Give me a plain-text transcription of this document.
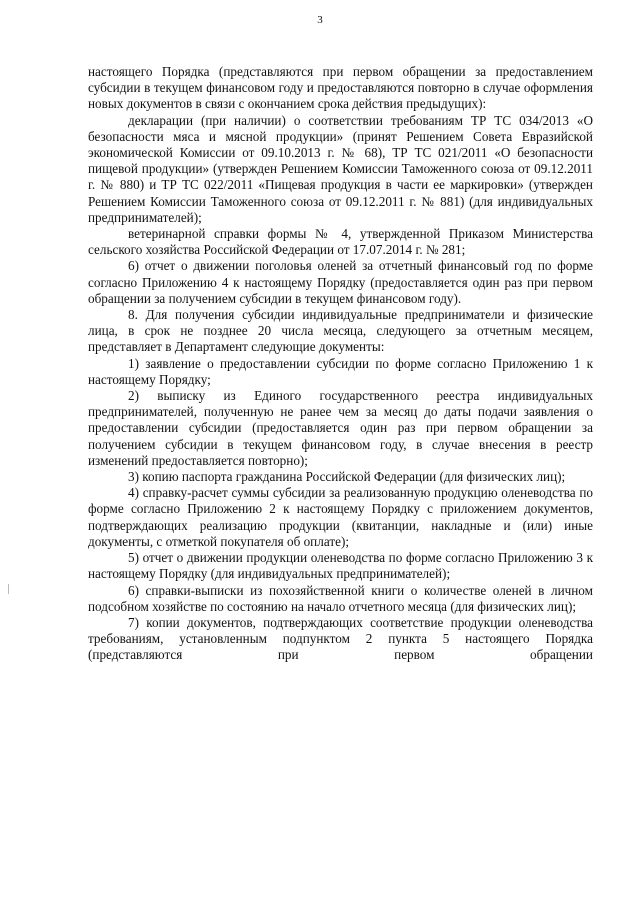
3

настоящего Порядка (представляются при первом обращении за предоставлением субсидии в текущем финансовом году и предоставляются повторно в случае оформления новых документов в связи с окончанием срока действия предыдущих):

декларации (при наличии) о соответствии требованиям ТР ТС 034/2013 «О безопасности мяса и мясной продукции» (принят Решением Совета Евразийской экономической Комиссии от 09.10.2013 г. № 68), ТР ТС 021/2011 «О безопасности пищевой продукции» (утвержден Решением Комиссии Таможенного союза от 09.12.2011 г. № 880) и ТР ТС 022/2011 «Пищевая продукция в части ее маркировки» (утвержден Решением Комиссии Таможенного союза от 09.12.2011 г. № 881) (для индивидуальных предпринимателей);

ветеринарной справки формы № 4, утвержденной Приказом Министерства сельского хозяйства Российской Федерации от 17.07.2014 г. № 281;

6) отчет о движении поголовья оленей за отчетный финансовый год по форме согласно Приложению 4 к настоящему Порядку (предоставляется один раз при первом обращении за получением субсидии в текущем финансовом году).

8. Для получения субсидии индивидуальные предприниматели и физические лица, в срок не позднее 20 числа месяца, следующего за отчетным месяцем, представляет в Департамент следующие документы:

1) заявление о предоставлении субсидии по форме согласно Приложению 1 к настоящему Порядку;

2) выписку из Единого государственного реестра индивидуальных предпринимателей, полученную не ранее чем за месяц до даты подачи заявления о предоставлении субсидии (предоставляется один раз при первом обращении за получением субсидии в текущем финансовом году, в случае внесения в реестр изменений предоставляется повторно);

3) копию паспорта гражданина Российской Федерации (для физических лиц);

4) справку-расчет суммы субсидии за реализованную продукцию оленеводства по форме согласно Приложению 2 к настоящему Порядку с приложением документов, подтверждающих реализацию продукции (квитанции, накладные и (или) иные документы, с отметкой покупателя об оплате);

5) отчет о движении продукции оленеводства по форме согласно Приложению 3 к настоящему Порядку (для индивидуальных предпринимателей);

6) справки-выписки из похозяйственной книги о количестве оленей в личном подсобном хозяйстве по состоянию на начало отчетного месяца (для физических лиц);

7) копии документов, подтверждающих соответствие продукции оленеводства требованиям, установленным подпунктом 2 пункта 5 настоящего Порядка (представляются при первом обращении
